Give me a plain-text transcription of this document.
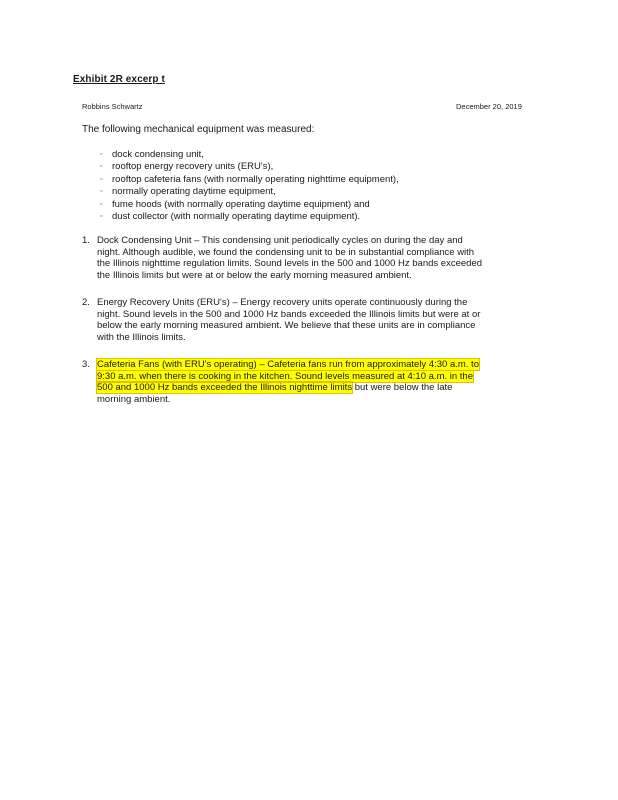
Exhibit 2R excerp t
Robbins Schwartz	December 20, 2019
The following mechanical equipment was measured:
▫ dock condensing unit,
▫ rooftop energy recovery units (ERU's),
▫ rooftop cafeteria fans (with normally operating nighttime equipment),
▫ normally operating daytime equipment,
▫ fume hoods (with normally operating daytime equipment) and
▫ dust collector (with normally operating daytime equipment).
1. Dock Condensing Unit – This condensing unit periodically cycles on during the day and
night. Although audible, we found the condensing unit to be in substantial compliance with
the Illinois nighttime regulation limits. Sound levels in the 500 and 1000 Hz bands exceeded
the Illinois limits but were at or below the early morning measured ambient.
2. Energy Recovery Units (ERU's) – Energy recovery units operate continuously during the
night. Sound levels in the 500 and 1000 Hz bands exceeded the Illinois limits but were at or
below the early morning measured ambient. We believe that these units are in compliance
with the Illinois limits.
3. Cafeteria Fans (with ERU's operating) – Cafeteria fans run from approximately 4:30 a.m. to
9:30 a.m. when there is cooking in the kitchen. Sound levels measured at 4:10 a.m. in the
500 and 1000 Hz bands exceeded the Illinois nighttime limits but were below the late
morning ambient.
